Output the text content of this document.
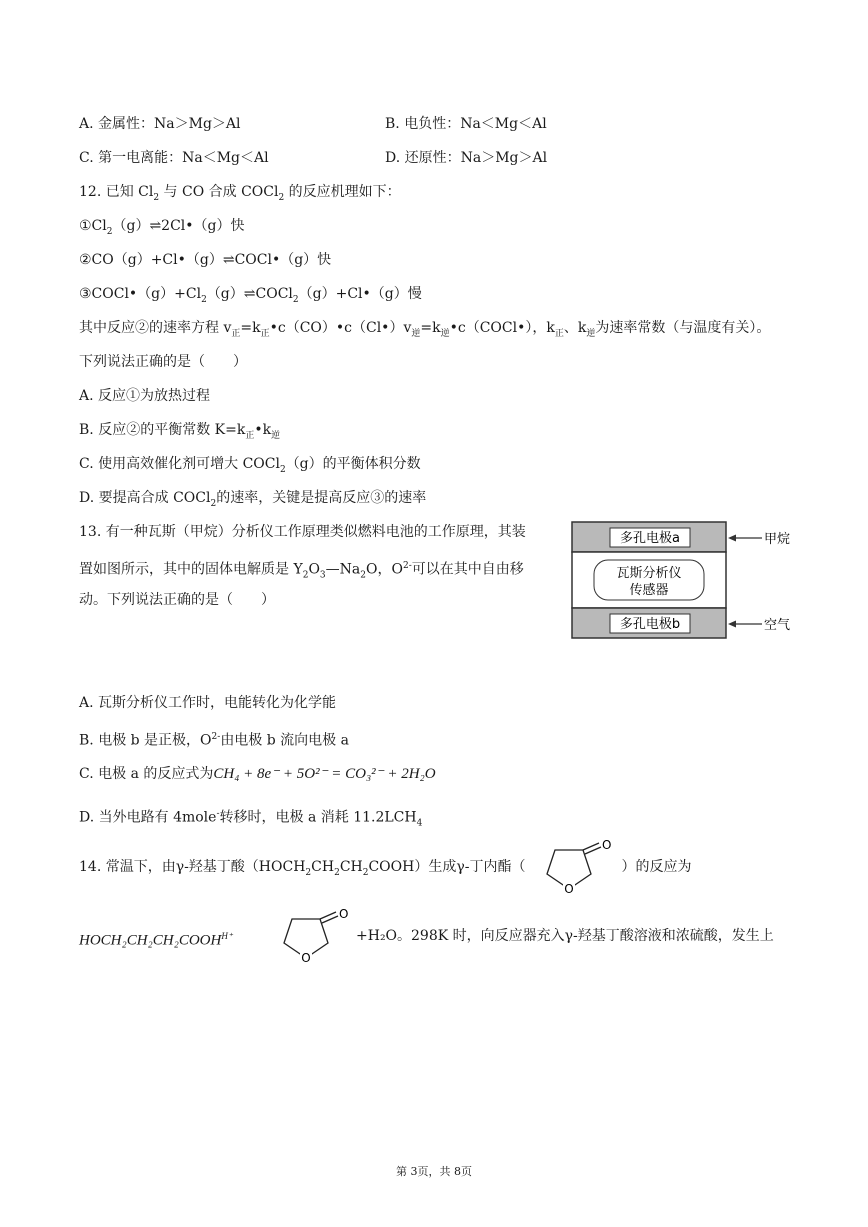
A. 金属性：Na＞Mg＞Al	B. 电负性：Na＜Mg＜Al
C. 第一电离能：Na＜Mg＜Al	D. 还原性：Na＞Mg＞Al
12. 已知 $Cl_2$ 与 CO 合成 COCl$_2$ 的反应机理如下：
$①Cl_2(g)\rightleftharpoons 2Cl•(g)$快
②CO（g）+Cl•（g）⇌COCl•（g）快
$③COCl•(g)+Cl_2(g)\rightleftharpoons COCl_2(g)+Cl•(g)$慢
其中反应②的速率方程 $v_正=k_正•c(CO)•c(Cl•)v_逆=k_逆•c(COCl•)$，$k_正$、$k_逆$为速率常数（与温度有关）。
下列说法正确的是（　　）
A. 反应①为放热过程
B. 反应②的平衡常数 $K=k_正•k_逆$
C. 使用高效催化剂可增大 COCl$_2$（g）的平衡体积分数
D. 要提高合成 COCl$_2$的速率，关键是提高反应③的速率
13. 有一种瓦斯（甲烷）分析仪工作原理类似燃料电池的工作原理，其装
置如图所示，其中的固体电解质是 $Y_2O_3—Na_2O$，$O^{2-}$可以在其中自由移
动。下列说法正确的是（　　）
多孔电极a
瓦斯分析仪
传感器
多孔电极b
甲烷
空气
A. 瓦斯分析仪工作时，电能转化为化学能
B. 电极 b 是正极，$O^{2-}$由电极 b 流向电极 a
C. 电极 a 的反应式为CH₄ + 8e⁻ + 5O²⁻ = CO₃²⁻ + 2H₂O
D. 当外电路有 4mole-转移时，电极 a 消耗 $11.2LCH_4$
14. 常温下，由γ-羟基丁酸$(HOCH_2CH_2CH_2COOH)$生成γ-丁内酯（	）的反应为
O
O
$HOCH_2CH_2CH_2COOH^{H^+}$
O
O
+H₂O。298K 时，向反应器充入γ-羟基丁酸溶液和浓硫酸，发生上
第 3页，共 8页
